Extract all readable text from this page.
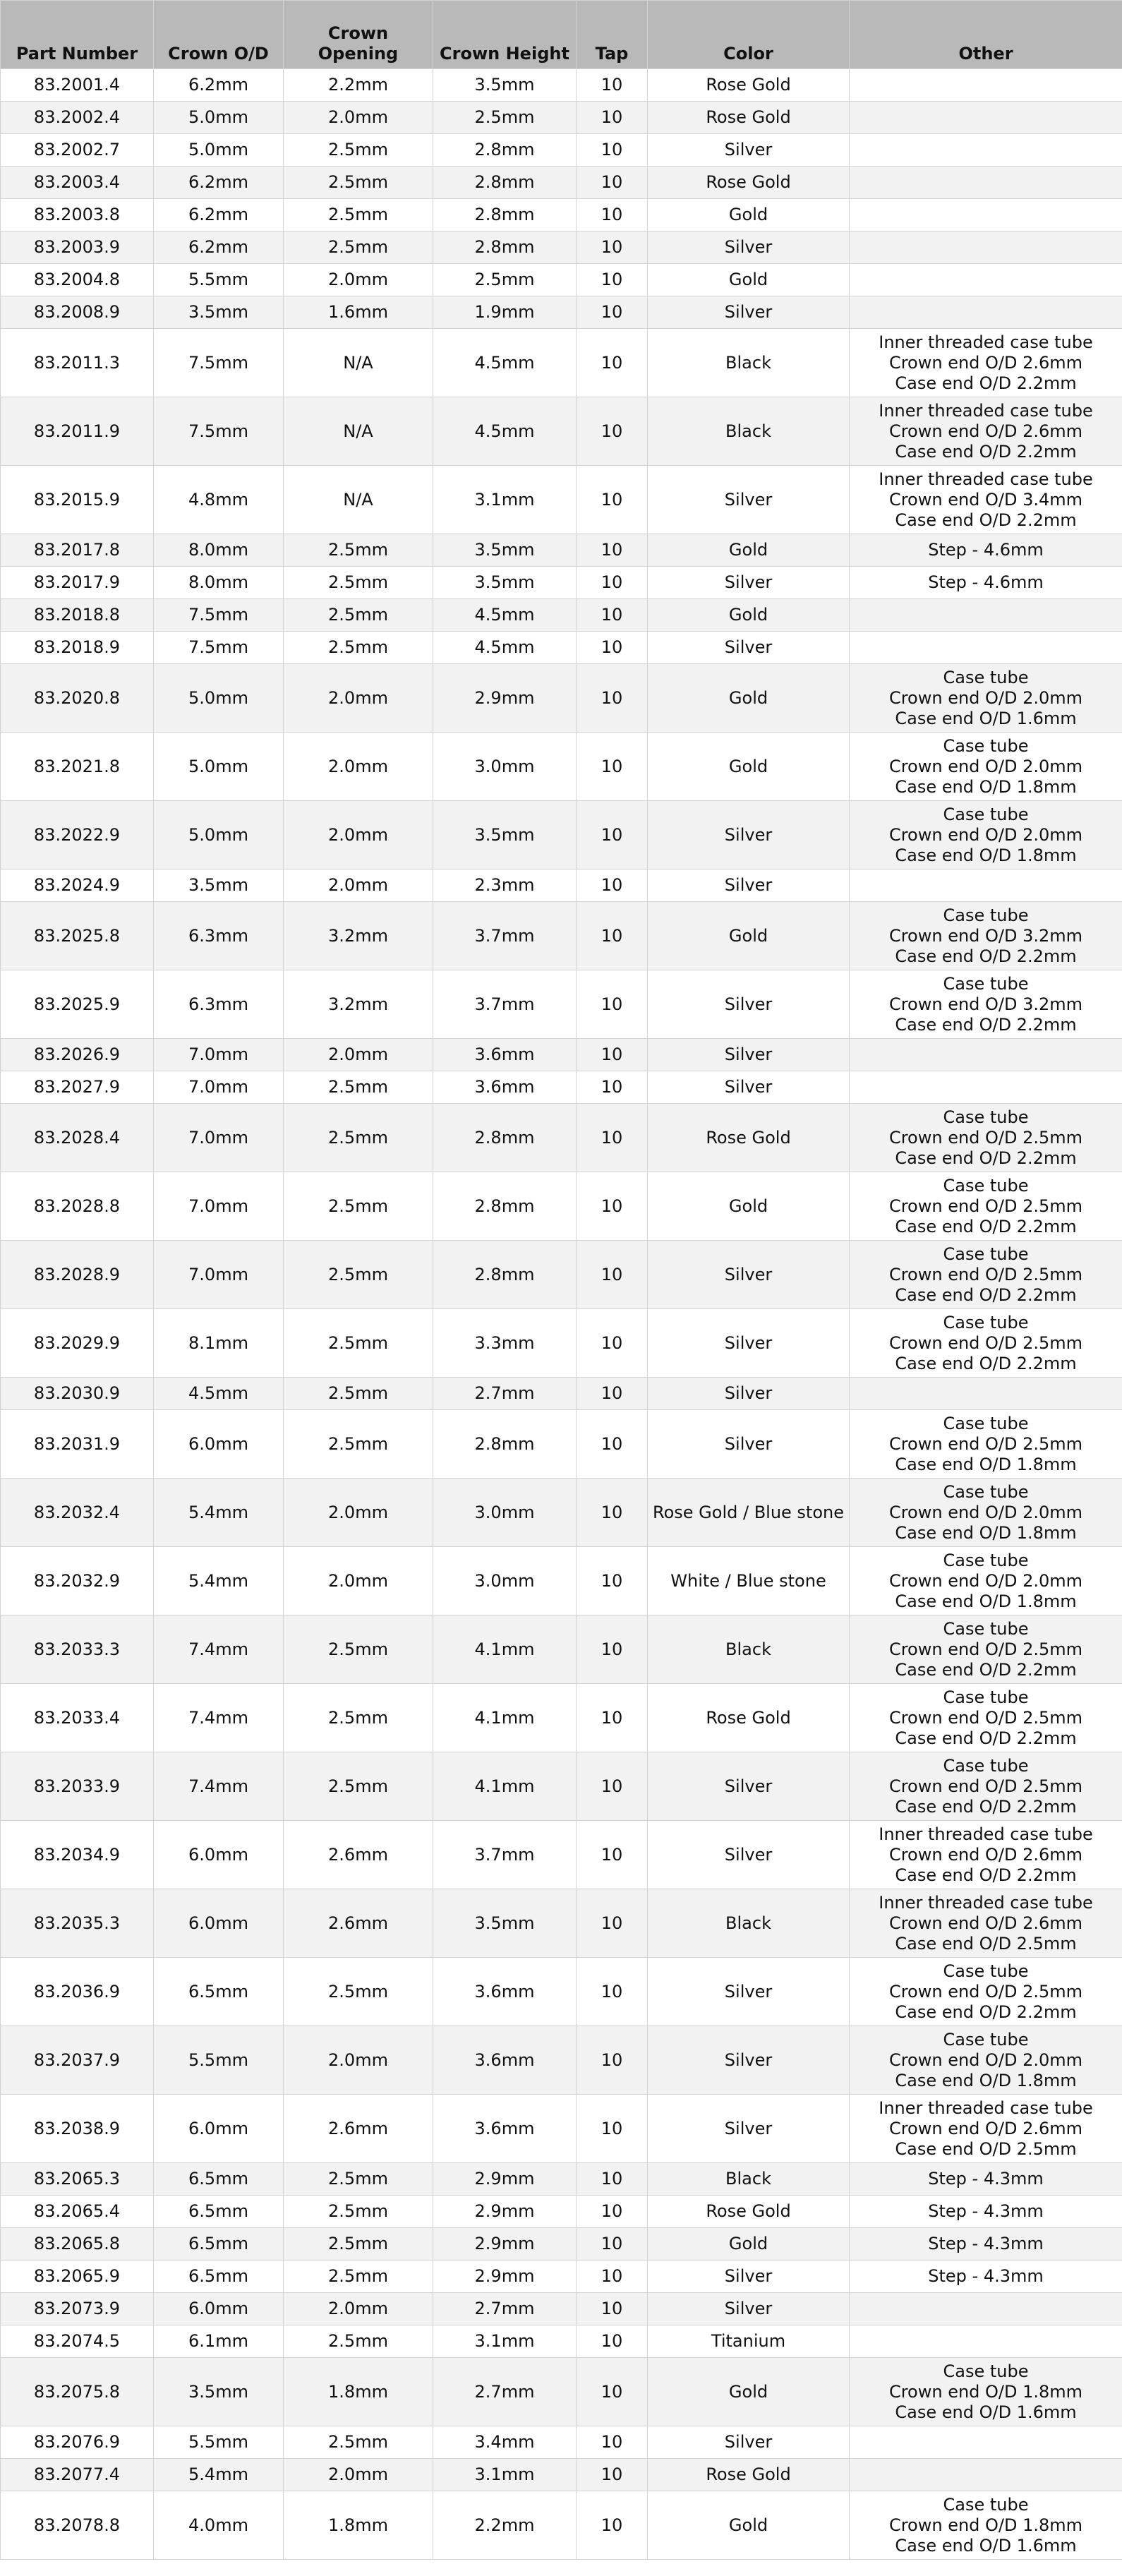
Part Number	Crown O/D	Crown Opening	Crown Height	Tap	Color	Other
83.2001.4	6.2mm	2.2mm	3.5mm	10	Rose Gold	
83.2002.4	5.0mm	2.0mm	2.5mm	10	Rose Gold	
83.2002.7	5.0mm	2.5mm	2.8mm	10	Silver	
83.2003.4	6.2mm	2.5mm	2.8mm	10	Rose Gold	
83.2003.8	6.2mm	2.5mm	2.8mm	10	Gold	
83.2003.9	6.2mm	2.5mm	2.8mm	10	Silver	
83.2004.8	5.5mm	2.0mm	2.5mm	10	Gold	
83.2008.9	3.5mm	1.6mm	1.9mm	10	Silver	
83.2011.3	7.5mm	N/A	4.5mm	10	Black	Inner threaded case tube
Crown end O/D 2.6mm
Case end O/D 2.2mm
83.2011.9	7.5mm	N/A	4.5mm	10	Black	Inner threaded case tube
Crown end O/D 2.6mm
Case end O/D 2.2mm
83.2015.9	4.8mm	N/A	3.1mm	10	Silver	Inner threaded case tube
Crown end O/D 3.4mm
Case end O/D 2.2mm
83.2017.8	8.0mm	2.5mm	3.5mm	10	Gold	Step - 4.6mm
83.2017.9	8.0mm	2.5mm	3.5mm	10	Silver	Step - 4.6mm
83.2018.8	7.5mm	2.5mm	4.5mm	10	Gold	
83.2018.9	7.5mm	2.5mm	4.5mm	10	Silver	
83.2020.8	5.0mm	2.0mm	2.9mm	10	Gold	Case tube
Crown end O/D 2.0mm
Case end O/D 1.6mm
83.2021.8	5.0mm	2.0mm	3.0mm	10	Gold	Case tube
Crown end O/D 2.0mm
Case end O/D 1.8mm
83.2022.9	5.0mm	2.0mm	3.5mm	10	Silver	Case tube
Crown end O/D 2.0mm
Case end O/D 1.8mm
83.2024.9	3.5mm	2.0mm	2.3mm	10	Silver	
83.2025.8	6.3mm	3.2mm	3.7mm	10	Gold	Case tube
Crown end O/D 3.2mm
Case end O/D 2.2mm
83.2025.9	6.3mm	3.2mm	3.7mm	10	Silver	Case tube
Crown end O/D 3.2mm
Case end O/D 2.2mm
83.2026.9	7.0mm	2.0mm	3.6mm	10	Silver	
83.2027.9	7.0mm	2.5mm	3.6mm	10	Silver	
83.2028.4	7.0mm	2.5mm	2.8mm	10	Rose Gold	Case tube
Crown end O/D 2.5mm
Case end O/D 2.2mm
83.2028.8	7.0mm	2.5mm	2.8mm	10	Gold	Case tube
Crown end O/D 2.5mm
Case end O/D 2.2mm
83.2028.9	7.0mm	2.5mm	2.8mm	10	Silver	Case tube
Crown end O/D 2.5mm
Case end O/D 2.2mm
83.2029.9	8.1mm	2.5mm	3.3mm	10	Silver	Case tube
Crown end O/D 2.5mm
Case end O/D 2.2mm
83.2030.9	4.5mm	2.5mm	2.7mm	10	Silver	
83.2031.9	6.0mm	2.5mm	2.8mm	10	Silver	Case tube
Crown end O/D 2.5mm
Case end O/D 1.8mm
83.2032.4	5.4mm	2.0mm	3.0mm	10	Rose Gold / Blue stone	Case tube
Crown end O/D 2.0mm
Case end O/D 1.8mm
83.2032.9	5.4mm	2.0mm	3.0mm	10	White / Blue stone	Case tube
Crown end O/D 2.0mm
Case end O/D 1.8mm
83.2033.3	7.4mm	2.5mm	4.1mm	10	Black	Case tube
Crown end O/D 2.5mm
Case end O/D 2.2mm
83.2033.4	7.4mm	2.5mm	4.1mm	10	Rose Gold	Case tube
Crown end O/D 2.5mm
Case end O/D 2.2mm
83.2033.9	7.4mm	2.5mm	4.1mm	10	Silver	Case tube
Crown end O/D 2.5mm
Case end O/D 2.2mm
83.2034.9	6.0mm	2.6mm	3.7mm	10	Silver	Inner threaded case tube
Crown end O/D 2.6mm
Case end O/D 2.2mm
83.2035.3	6.0mm	2.6mm	3.5mm	10	Black	Inner threaded case tube
Crown end O/D 2.6mm
Case end O/D 2.5mm
83.2036.9	6.5mm	2.5mm	3.6mm	10	Silver	Case tube
Crown end O/D 2.5mm
Case end O/D 2.2mm
83.2037.9	5.5mm	2.0mm	3.6mm	10	Silver	Case tube
Crown end O/D 2.0mm
Case end O/D 1.8mm
83.2038.9	6.0mm	2.6mm	3.6mm	10	Silver	Inner threaded case tube
Crown end O/D 2.6mm
Case end O/D 2.5mm
83.2065.3	6.5mm	2.5mm	2.9mm	10	Black	Step - 4.3mm
83.2065.4	6.5mm	2.5mm	2.9mm	10	Rose Gold	Step - 4.3mm
83.2065.8	6.5mm	2.5mm	2.9mm	10	Gold	Step - 4.3mm
83.2065.9	6.5mm	2.5mm	2.9mm	10	Silver	Step - 4.3mm
83.2073.9	6.0mm	2.0mm	2.7mm	10	Silver	
83.2074.5	6.1mm	2.5mm	3.1mm	10	Titanium	
83.2075.8	3.5mm	1.8mm	2.7mm	10	Gold	Case tube
Crown end O/D 1.8mm
Case end O/D 1.6mm
83.2076.9	5.5mm	2.5mm	3.4mm	10	Silver	
83.2077.4	5.4mm	2.0mm	3.1mm	10	Rose Gold	
83.2078.8	4.0mm	1.8mm	2.2mm	10	Gold	Case tube
Crown end O/D 1.8mm
Case end O/D 1.6mm
